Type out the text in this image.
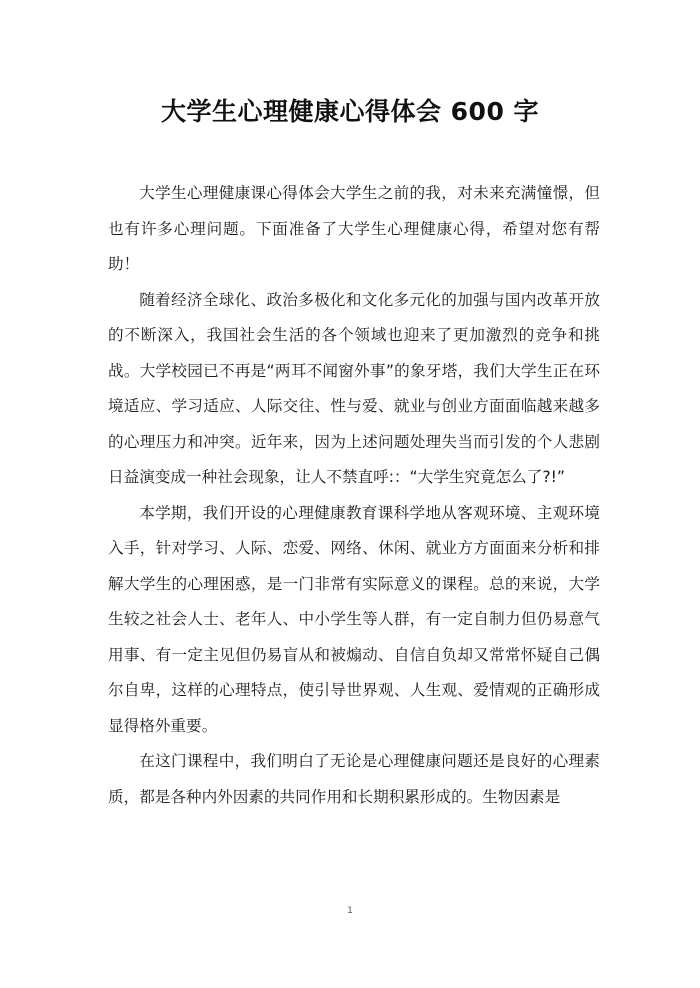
大学生心理健康心得体会 600 字

大学生心理健康课心得体会大学生之前的我，对未来充满憧憬，但也有许多心理问题。下面准备了大学生心理健康心得，希望对您有帮助！

随着经济全球化、政治多极化和文化多元化的加强与国内改革开放的不断深入，我国社会生活的各个领域也迎来了更加激烈的竞争和挑战。大学校园已不再是“两耳不闻窗外事”的象牙塔，我们大学生正在环境适应、学习适应、人际交往、性与爱、就业与创业方面面临越来越多的心理压力和冲突。近年来，因为上述问题处理失当而引发的个人悲剧日益演变成一种社会现象，让人不禁直呼:：“大学生究竟怎么了?!”

本学期，我们开设的心理健康教育课科学地从客观环境、主观环境入手，针对学习、人际、恋爱、网络、休闲、就业方方面面来分析和排解大学生的心理困惑，是一门非常有实际意义的课程。总的来说，大学生较之社会人士、老年人、中小学生等人群，有一定自制力但仍易意气用事、有一定主见但仍易盲从和被煽动、自信自负却又常常怀疑自己偶尔自卑，这样的心理特点，使引导世界观、人生观、爱情观的正确形成显得格外重要。

在这门课程中，我们明白了无论是心理健康问题还是良好的心理素质，都是各种内外因素的共同作用和长期积累形成的。生物因素是

1
